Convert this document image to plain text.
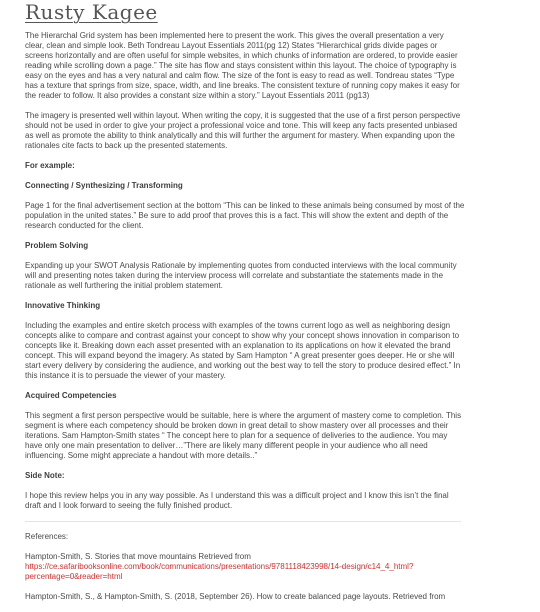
Rusty Kagee

The Hierarchal Grid system has been implemented here to present the work. This gives the overall presentation a very clear, clean and simple look. Beth Tondreau Layout Essentials 2011(pg 12) States “Hierarchical grids divide pages or screens horizontally and are often useful for simple websites, in which chunks of information are ordered, to provide easier reading while scrolling down a page.” The site has flow and stays consistent within this layout. The choice of typography is easy on the eyes and has a very natural and calm flow. The size of the font is easy to read as well. Tondreau states “Type has a texture that springs from size, space, width, and line breaks. The consistent texture of running copy makes it easy for the reader to follow. It also provides a constant size within a story.” Layout Essentials 2011 (pg13)

The imagery is presented well within layout. When writing the copy, it is suggested that the use of a first person perspective should not be used in order to give your project a professional voice and tone. This will keep any facts presented unbiased as well as promote the ability to think analytically and this will further the argument for mastery. When expanding upon the rationales cite facts to back up the presented statements.

For example:
Connecting / Synthesizing / Transforming

Page 1 for the final advertisement section at the bottom “This can be linked to these animals being consumed by most of the population in the united states.” Be sure to add proof that proves this is a fact. This will show the extent and depth of the research conducted for the client.

Problem Solving

Expanding up your SWOT Analysis Rationale by implementing quotes from conducted interviews with the local community will and presenting notes taken during the interview process will correlate and substantiate the statements made in the rationale as well furthering the initial problem statement.

Innovative Thinking

Including the examples and entire sketch process with examples of the towns current logo as well as neighboring design concepts alike to compare and contrast against your concept to show why your concept shows innovation in comparison to concepts like it. Breaking down each asset presented with an explanation to its applications on how it elevated the brand concept. This will expand beyond the imagery. As stated by Sam Hampton “ A great presenter goes deeper. He or she will start every delivery by considering the audience, and working out the best way to tell the story to produce desired effect.” In this instance it is to persuade the viewer of your mastery.

Acquired Competencies

This segment a first person perspective would be suitable, here is where the argument of mastery come to completion. This segment is where each competency should be broken down in great detail to show mastery over all processes and their iterations. Sam Hampton-Smith states “ The concept here to plan for a sequence of deliveries to the audience. You may have only one main presentation to deliver…”There are likely many different people in your audience who all need influencing. Some might appreciate a handout with more details..”

Side Note:

I hope this review helps you in any way possible. As I understand this was a difficult project and I know this isn’t the final draft and I look forward to seeing the fully finished product.

References:

Hampton-Smith, S. Stories that move mountains Retrieved from
https://ce.safaribooksonline.com/book/communications/presentations/9781118423998/14-design/c14_4_html?percentage=0&reader=html

Hampton-Smith, S., & Hampton-Smith, S. (2018, September 26). How to create balanced page layouts. Retrieved from
